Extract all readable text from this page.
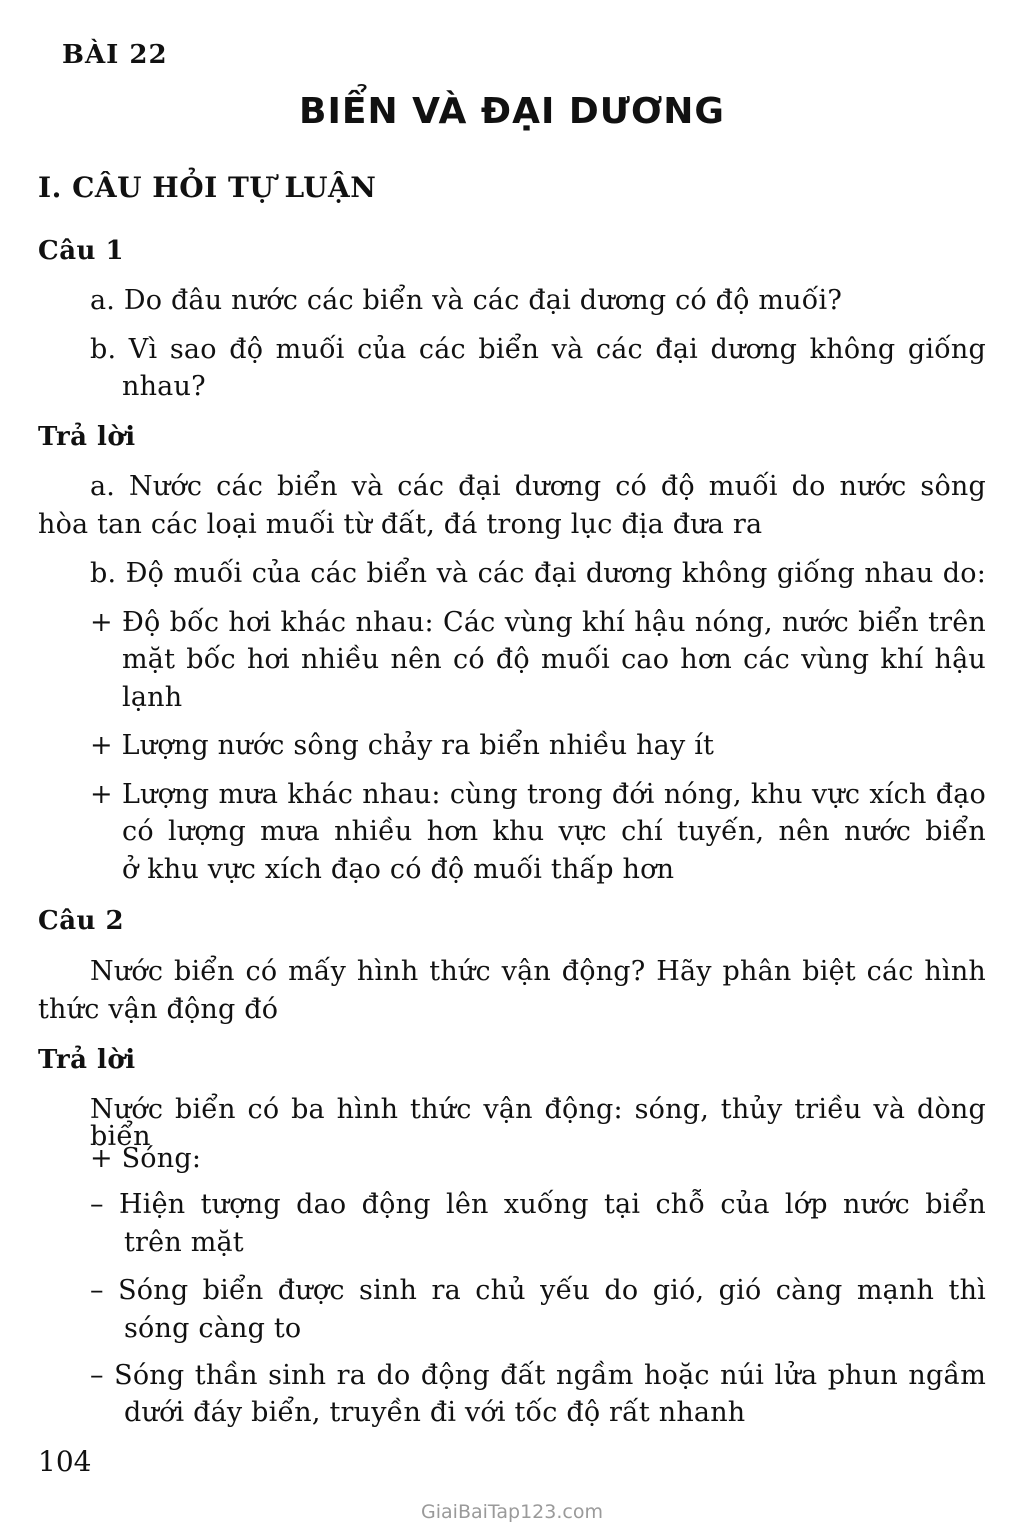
BÀI 22
BIỂN VÀ ĐẠI DƯƠNG
I. CÂU HỎI TỰ LUẬN
Câu 1
a. Do đâu nước các biển và các đại dương có độ muối?
b. Vì sao độ muối của các biển và các đại dương không giống
nhau?
Trả lời
a. Nước các biển và các đại dương có độ muối do nước sông
hòa tan các loại muối từ đất, đá trong lục địa đưa ra
b. Độ muối của các biển và các đại dương không giống nhau do:
+ Độ bốc hơi khác nhau: Các vùng khí hậu nóng, nước biển trên
mặt bốc hơi nhiều nên có độ muối cao hơn các vùng khí hậu
lạnh
+ Lượng nước sông chảy ra biển nhiều hay ít
+ Lượng mưa khác nhau: cùng trong đới nóng, khu vực xích đạo
có lượng mưa nhiều hơn khu vực chí tuyến, nên nước biển
ở khu vực xích đạo có độ muối thấp hơn
Câu 2
Nước biển có mấy hình thức vận động? Hãy phân biệt các hình
thức vận động đó
Trả lời
Nước biển có ba hình thức vận động: sóng, thủy triều và dòng biển
+ Sóng:
– Hiện tượng dao động lên xuống tại chỗ của lớp nước biển
trên mặt
– Sóng biển được sinh ra chủ yếu do gió, gió càng mạnh thì
sóng càng to
– Sóng thần sinh ra do động đất ngầm hoặc núi lửa phun ngầm
dưới đáy biển, truyền đi với tốc độ rất nhanh
104
GiaiBaiTap123.com
